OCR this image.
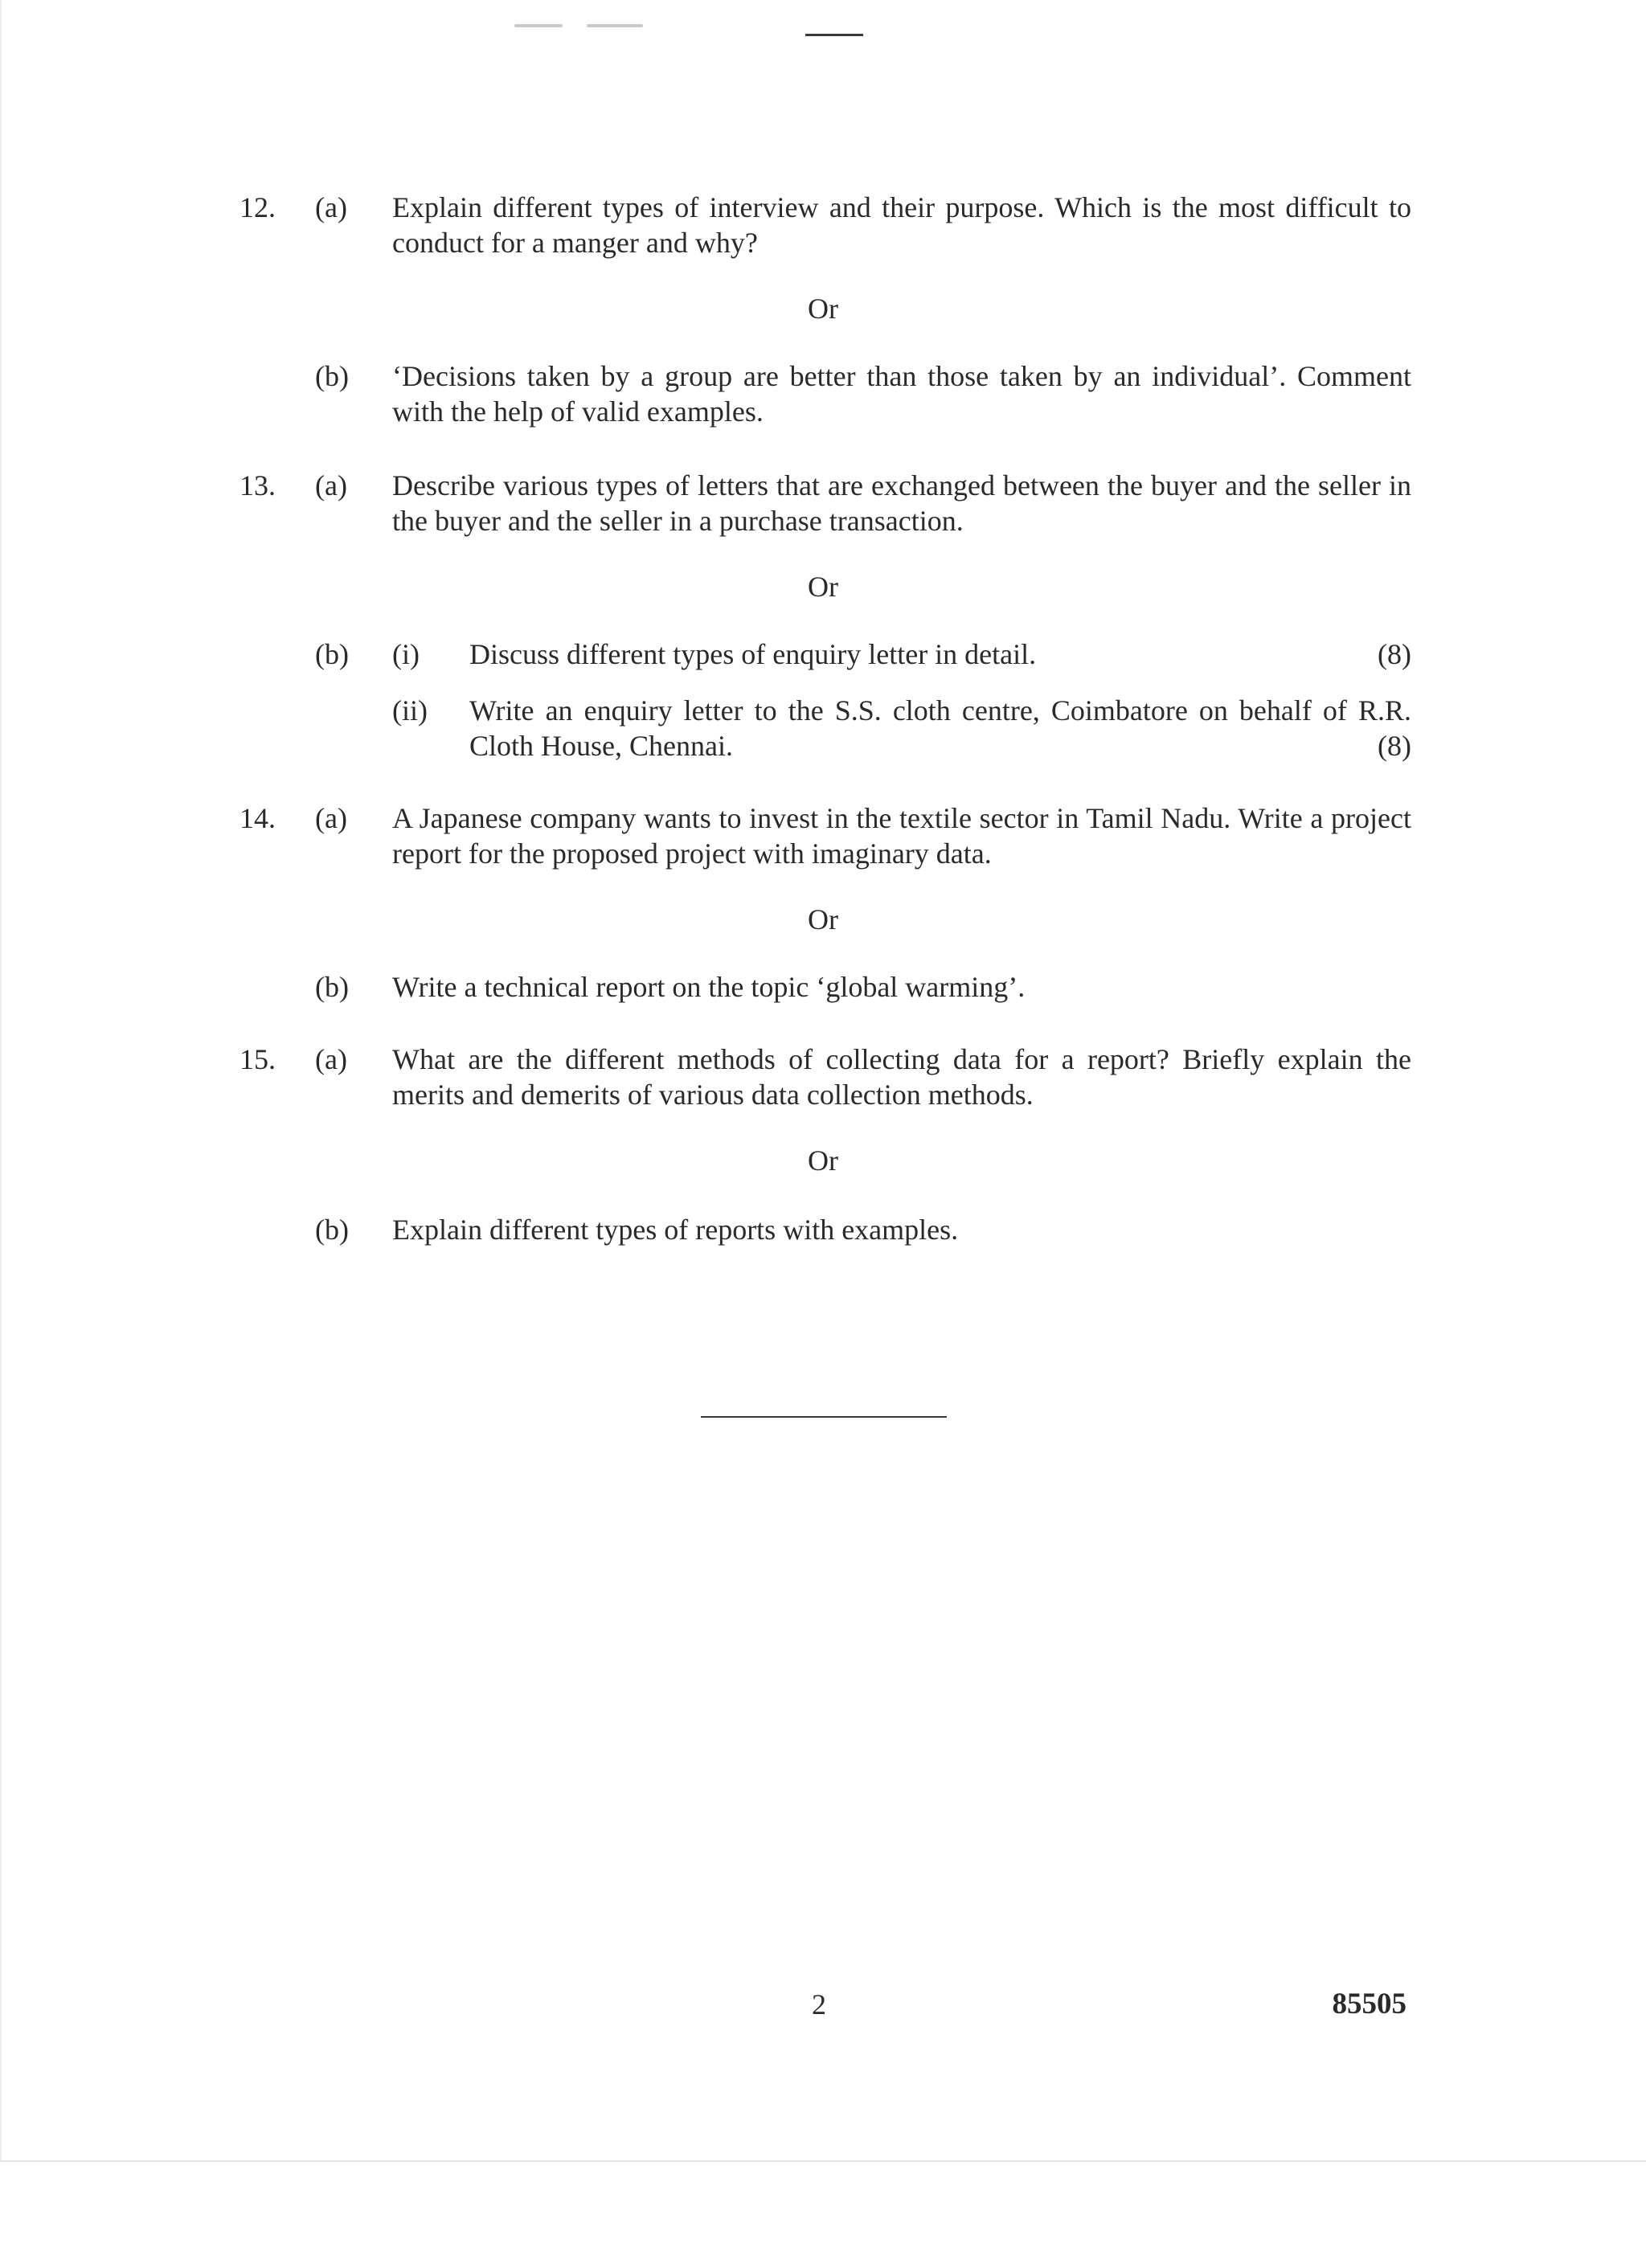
12. (a) Explain different types of interview and their purpose. Which is the most difficult to conduct for a manger and why?
Or
(b) ‘Decisions taken by a group are better than those taken by an individual’. Comment with the help of valid examples.
13. (a) Describe various types of letters that are exchanged between the buyer and the seller in the buyer and the seller in a purchase transaction.
Or
(b) (i) Discuss different types of enquiry letter in detail.	(8)
(ii) Write an enquiry letter to the S.S. cloth centre, Coimbatore on behalf of R.R. Cloth House, Chennai.	(8)
14. (a) A Japanese company wants to invest in the textile sector in Tamil Nadu. Write a project report for the proposed project with imaginary data.
Or
(b) Write a technical report on the topic ‘global warming’.
15. (a) What are the different methods of collecting data for a report? Briefly explain the merits and demerits of various data collection methods.
Or
(b) Explain different types of reports with examples.
2	85505
